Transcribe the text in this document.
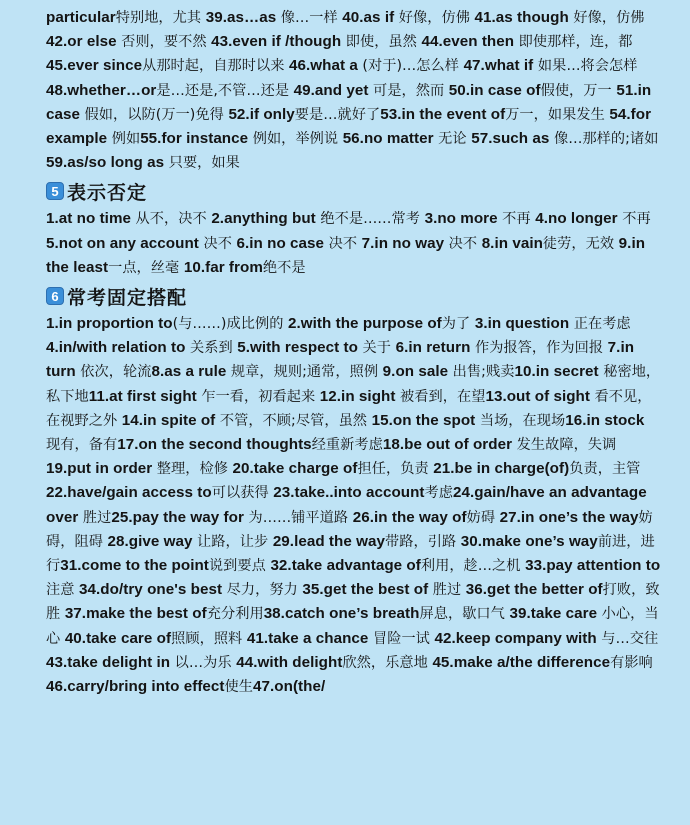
particular特别地，尤其 39.as…as 像…一样 40.as if 好像，仿佛 41.as though 好像，仿佛 42.or else 否则，要不然 43.even if /though 即使，虽然 44.even then 即使那样，连，都 45.ever since从那时起，自那时以来 46.what a (对于)…怎么样 47.what if 如果…将会怎样 48.whether…or是…还是,不管…还是 49.and yet 可是，然而 50.in case of假使，万一 51.in case 假如，以防(万一)免得 52.if only要是…就好了53.in the event of万一，如果发生 54.for example 例如55.for instance 例如，举例说 56.no matter 无论 57.such as 像…那样的;诸如 59.as/so long as 只要，如果

5 表示否定

1.at no time 从不，决不 2.anything but 绝不是……常考 3.no more 不再 4.no longer 不再 5.not on any account 决不 6.in no case 决不 7.in no way 决不 8.in vain徒劳，无效 9.in the least一点，丝毫 10.far from绝不是

6 常考固定搭配

1.in proportion to(与……)成比例的 2.with the purpose of为了 3.in question 正在考虑 4.in/with relation to 关系到 5.with respect to 关于 6.in return 作为报答，作为回报 7.in turn 依次，轮流8.as a rule 规章，规则;通常，照例 9.on sale 出售;贱卖10.in secret 秘密地，私下地11.at first sight 乍一看，初看起来 12.in sight 被看到，在望13.out of sight 看不见，在视野之外 14.in spite of 不管，不顾;尽管，虽然 15.on the spot 当场，在现场16.in stock 现有，备有17.on the second thoughts经重新考虑18.be out of order 发生故障，失调 19.put in order 整理，检修 20.take charge of担任，负责 21.be in charge(of)负责，主管 22.have/gain access to可以获得 23.take..into account考虑24.gain/have an advantage over 胜过25.pay the way for 为……铺平道路 26.in the way of妨碍 27.in one’s the way妨碍，阻碍 28.give way 让路，让步 29.lead the way带路，引路 30.make one’s way前进，进行31.come to the point说到要点 32.take advantage of利用，趁…之机 33.pay attention to 注意 34.do/try one's best 尽力，努力 35.get the best of 胜过 36.get the better of打败，致胜 37.make the best of充分利用38.catch one’s breath屏息，歇口气 39.take care 小心，当心 40.take care of照顾，照料 41.take a chance 冒险一试 42.keep company with 与…交往 43.take delight in 以…为乐 44.with delight欣然，乐意地 45.make a/the difference有影响 46.carry/bring into effect使生47.on(the/
